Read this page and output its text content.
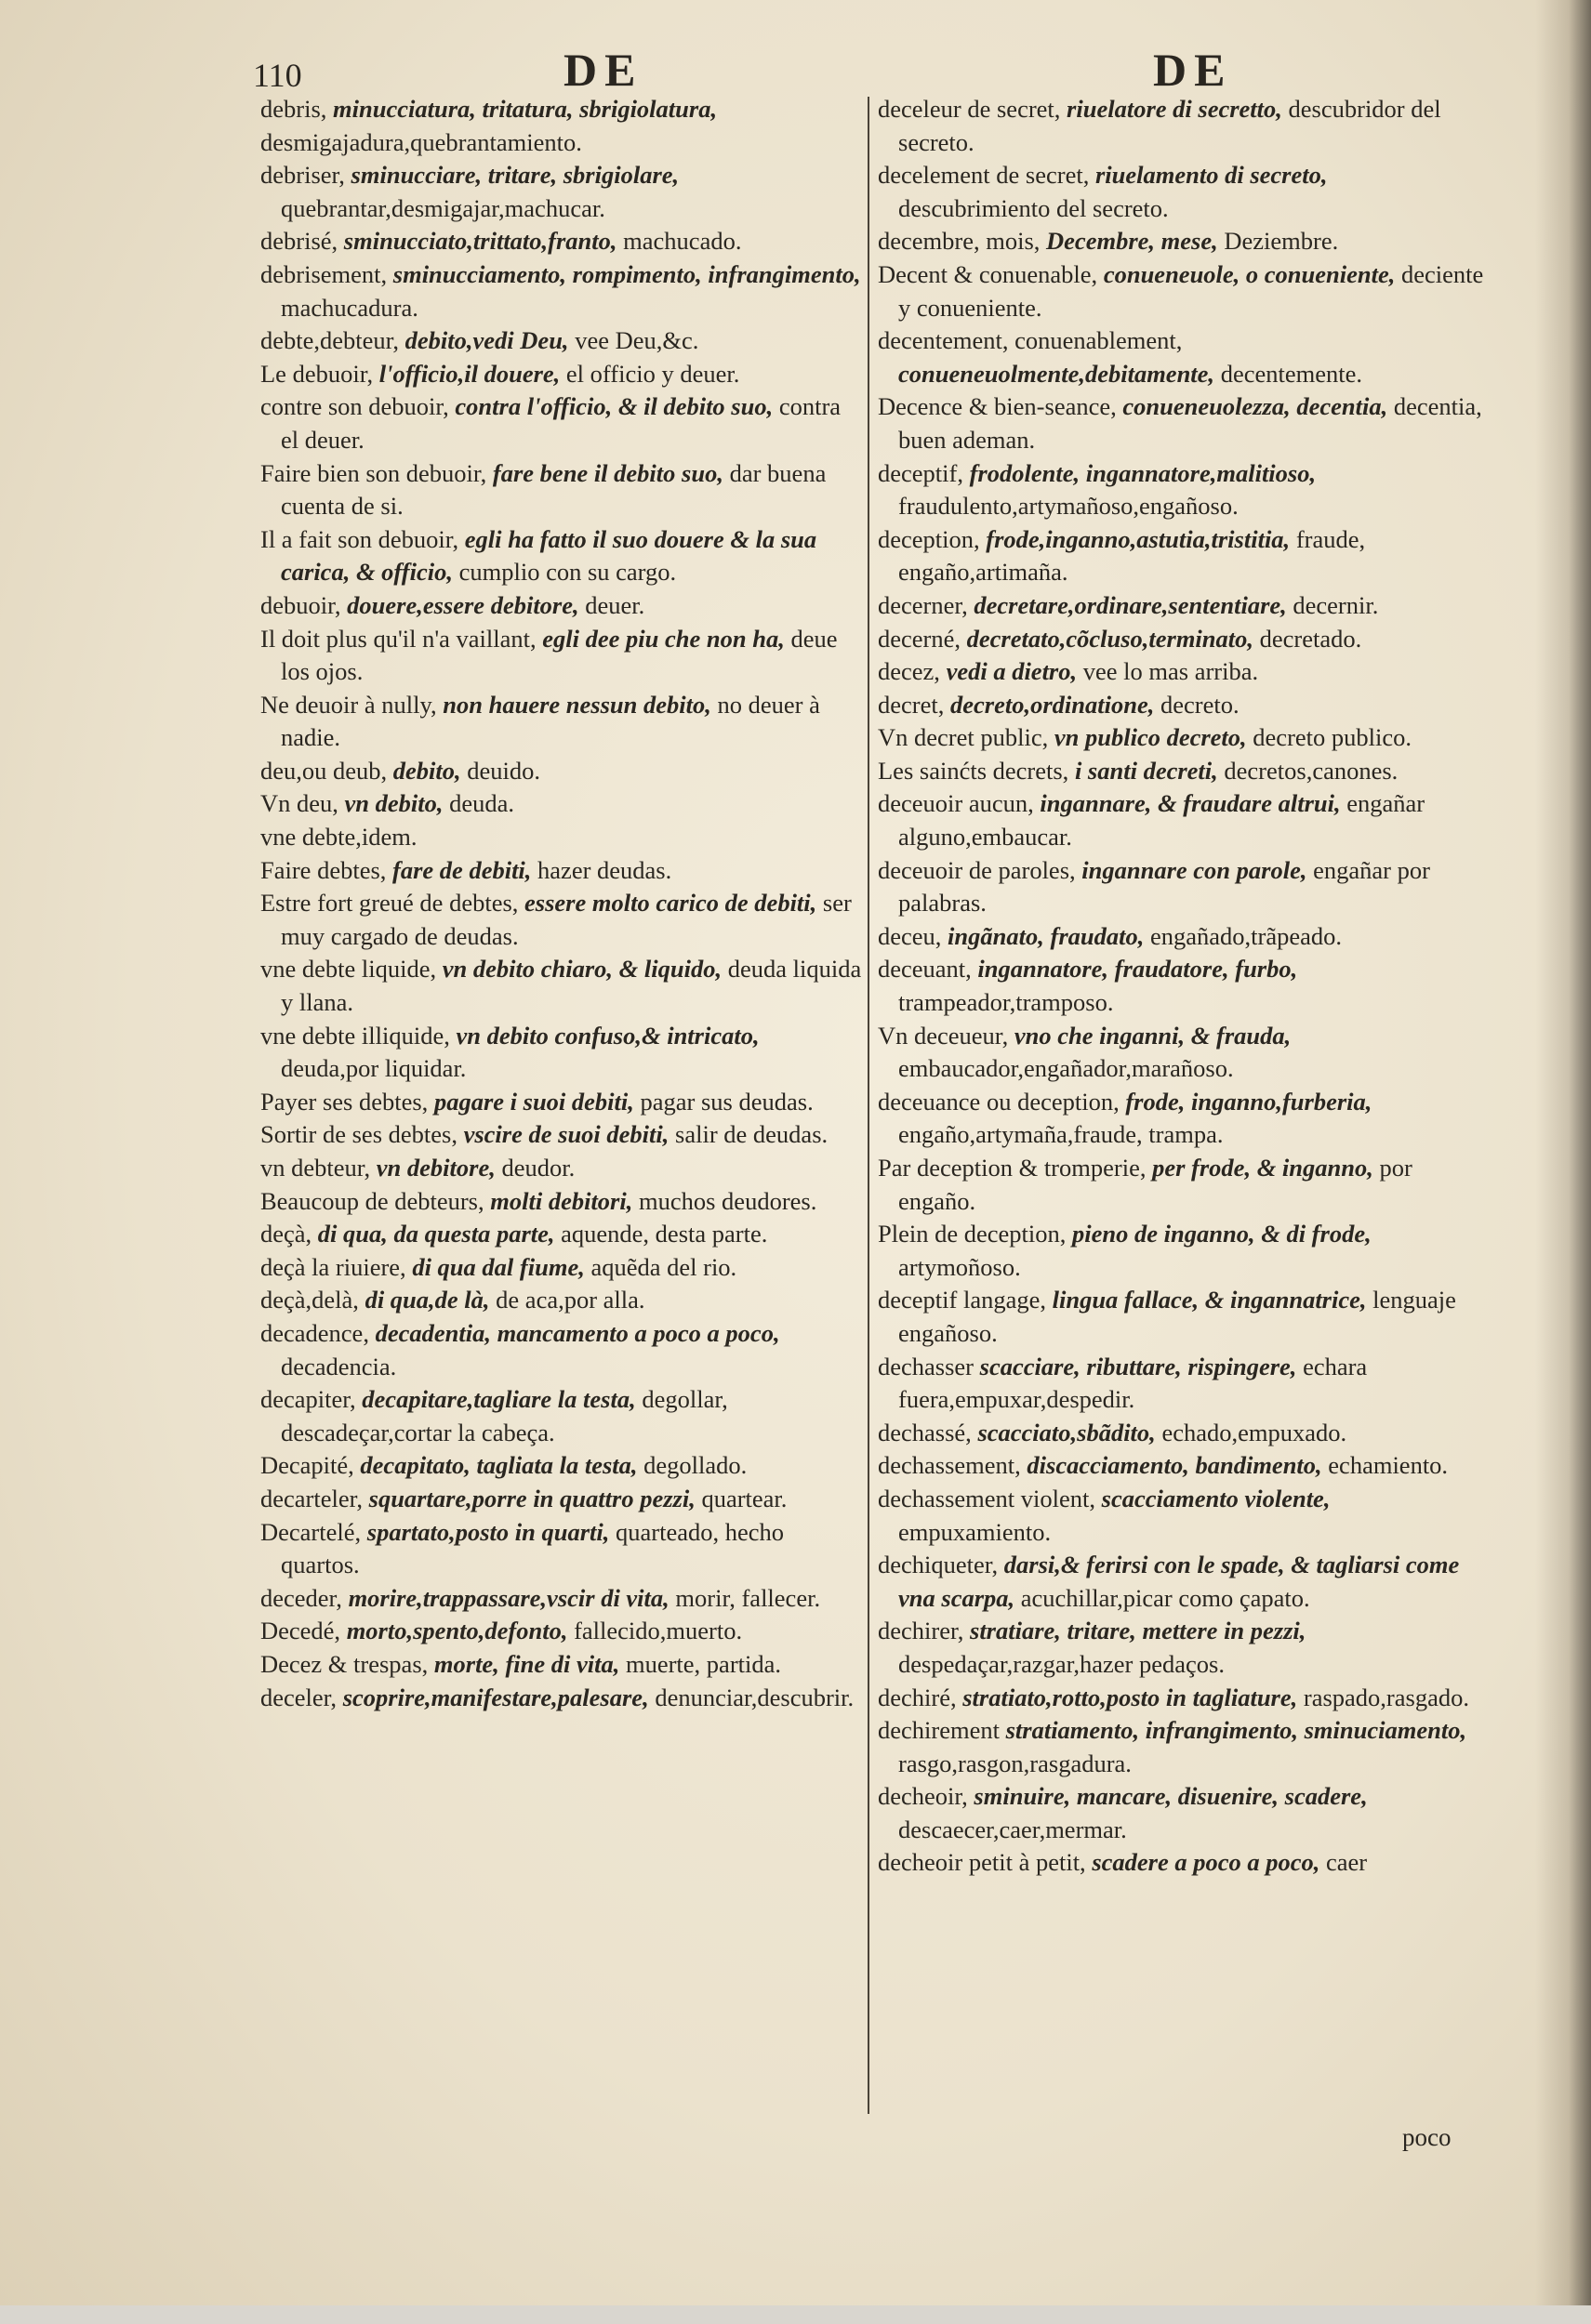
110	DE	DE

debris, minucciatura, tritatura, sbrigiolatura,

desmigajadura,quebrantamiento.

debriser, sminucciare, tritare, sbrigiolare, quebrantar,desmigajar,machucar.

debrisé, sminucciato,trittato,franto, machucado.

debrisement, sminucciamento, rompimento, infrangimento, machucadura.

debte,debteur, debito,vedi Deu, vee Deu,&c.

Le debuoir, l'officio,il douere, el officio y deuer.

contre son debuoir, contra l'officio, & il debito suo, contra el deuer.

Faire bien son debuoir, fare bene il debito suo, dar buena cuenta de si.

Il a fait son debuoir, egli ha fatto il suo douere & la sua carica, & officio, cumplio con su cargo.

debuoir, douere,essere debitore, deuer.

Il doit plus qu'il n'a vaillant, egli dee piu che non ha, deue los ojos.

Ne deuoir à nully, non hauere nessun debito, no deuer à nadie.

deu,ou deub, debito, deuido.

Vn deu, vn debito, deuda.

vne debte,idem.

Faire debtes, fare de debiti, hazer deudas.

Estre fort greué de debtes, essere molto carico de debiti, ser muy cargado de deudas.

vne debte liquide, vn debito chiaro, & liquido, deuda liquida y llana.

vne debte illiquide, vn debito confuso,& intricato, deuda,por liquidar.

Payer ses debtes, pagare i suoi debiti, pagar sus deudas.

Sortir de ses debtes, vscire de suoi debiti, salir de deudas.

vn debteur, vn debitore, deudor.

Beaucoup de debteurs, molti debitori, muchos deudores.

deçà, di qua, da questa parte, aquende, desta parte.

deçà la riuiere, di qua dal fiume, aquẽda del rio.

deçà,delà, di qua,de là, de aca,por alla.

decadence, decadentia, mancamento a poco a poco, decadencia.

decapiter, decapitare,tagliare la testa, degollar, descadeçar,cortar la cabeça.

Decapité, decapitato, tagliata la testa, degollado.

decarteler, squartare,porre in quattro pezzi, quartear.

Decartelé, spartato,posto in quarti, quarteado, hecho quartos.

deceder, morire,trappassare,vscir di vita, morir, fallecer.

Decedé, morto,spento,defonto, fallecido,muerto.

Decez & trespas, morte, fine di vita, muerte, partida.

deceler, scoprire,manifestare,palesare, denunciar,descubrir.

deceleur de secret, riuelatore di secretto, descubridor del secreto.

decelement de secret, riuelamento di secreto, descubrimiento del secreto.

decembre, mois, Decembre, mese, Deziembre.

Decent & conuenable, conueneuole, o conueniente, deciente y conueniente.

decentement, conuenablement, conueneuolmente,debitamente, decentemente.

Decence & bien-seance, conueneuolezza, decentia, decentia, buen ademan.

deceptif, frodolente, ingannatore,malitioso, fraudulento,artymañoso,engañoso.

deception, frode,inganno,astutia,tristitia, fraude, engaño,artimaña.

decerner, decretare,ordinare,sententiare, decernir.

decerné, decretato,cõcluso,terminato, decretado.

decez, vedi a dietro, vee lo mas arriba.

decret, decreto,ordinatione, decreto.

Vn decret public, vn publico decreto, decreto publico.

Les sainćts decrets, i santi decreti, decretos,canones.

deceuoir aucun, ingannare, & fraudare altrui, engañar alguno,embaucar.

deceuoir de paroles, ingannare con parole, engañar por palabras.

deceu, ingãnato, fraudato, engañado,trãpeado.

deceuant, ingannatore, fraudatore, furbo, trampeador,tramposo.

Vn deceueur, vno che inganni, & frauda, embaucador,engañador,marañoso.

deceuance ou deception, frode, inganno,furberia, engaño,artymaña,fraude, trampa.

Par deception & tromperie, per frode, & inganno, por engaño.

Plein de deception, pieno de inganno, & di frode, artymoñoso.

deceptif langage, lingua fallace, & ingannatrice, lenguaje engañoso.

dechasser scacciare, ributtare, rispingere, echara fuera,empuxar,despedir.

dechassé, scacciato,sbãdito, echado,empuxado.

dechassement, discacciamento, bandimento, echamiento.

dechassement violent, scacciamento violente, empuxamiento.

dechiqueter, darsi,& ferirsi con le spade, & tagliarsi come vna scarpa, acuchillar,picar como çapato.

dechirer, stratiare, tritare, mettere in pezzi, despedaçar,razgar,hazer pedaços.

dechiré, stratiato,rotto,posto in tagliature, raspado,rasgado.

dechirement stratiamento, infrangimento, sminuciamento, rasgo,rasgon,rasgadura.

decheoir, sminuire, mancare, disuenire, scadere, descaecer,caer,mermar.

decheoir petit à petit, scadere a poco a poco, caer

poco
